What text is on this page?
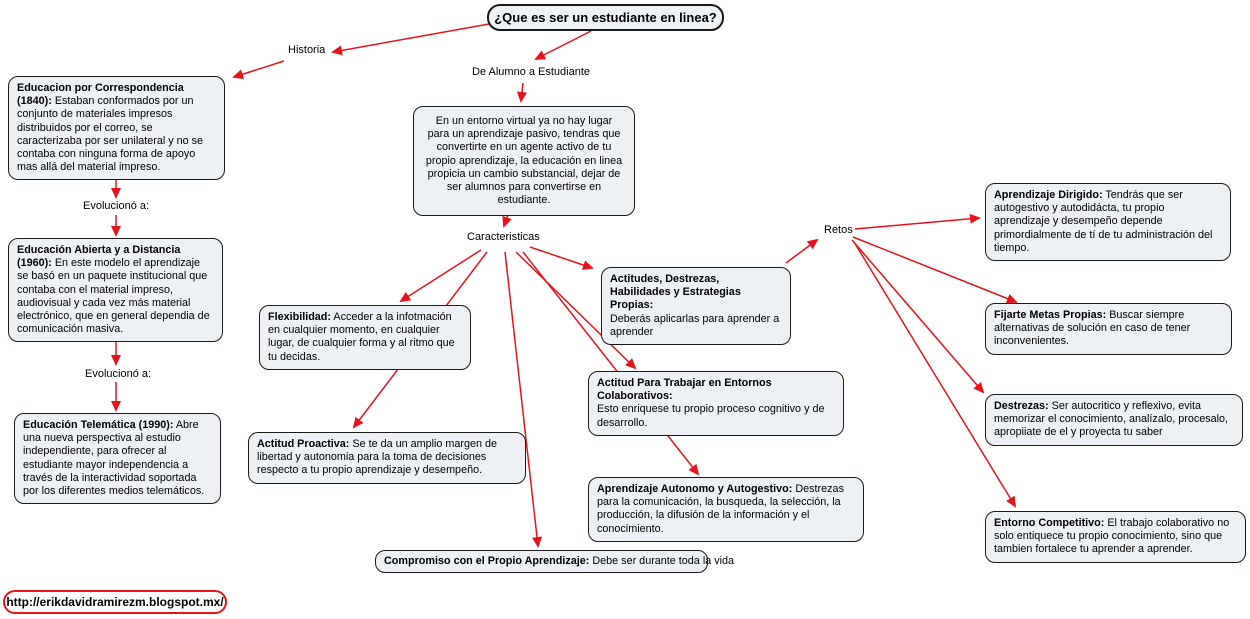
¿Que es ser un estudiante en linea?
Historia
De Alumno a Estudiante
Evolucionó a:
Evolucionó a:
Caracteristicas
Retos
Educacion por Correspondencia (1840): Estaban conformados por un conjunto de materiales impresos distribuidos por el correo, se caracterizaba por ser unilateral y no se contaba con ninguna forma de apoyo mas allá del material impreso.
Educación Abierta y a Distancia (1960): En este modelo el aprendizaje se basó en un paquete institucional que contaba con el material impreso, audiovisual y cada vez más material electrónico, que en general dependia de comunicación masiva.
Educación Telemática (1990): Abre una nueva perspectiva al estudio independiente, para ofrecer al estudiante mayor independencia a través de la interactividad soportada por los diferentes medios telemáticos.
En un entorno virtual ya no hay lugar para un aprendizaje pasivo, tendras que convertirte en un agente activo de tu propio aprendizaje, la educación en linea propicia un cambio substancial, dejar de ser alumnos para convertirse en estudiante.
Flexibilidad: Acceder a la infotmación en cualquier momento, en cualquier lugar, de cualquier forma y al ritmo que tu decidas.
Actitud Proactiva: Se te da un amplio margen de libertad y autonomia para la toma de decisiones respecto a tu propio aprendizaje y desempeño.
Actitudes, Destrezas, Habilidades y Estrategias Propias:
Deberás aplicarlas para aprender a aprender
Actitud Para Trabajar en Entornos Colaborativos:
Esto enriquese tu propio proceso cognitivo y de desarrollo.
Aprendizaje Autonomo y Autogestivo: Destrezas para la comunicación, la busqueda, la selección, la producción, la difusión de la información y el conocimiento.
Compromiso con el Propio Aprendizaje: Debe ser durante toda la vida
Aprendizaje Dirigido: Tendrás que ser autogestivo y autodidácta, tu propio aprendizaje y desempeño depende primordialmente de tí de tu administración del tiempo.
Fijarte Metas Propias: Buscar siempre alternativas de solución en caso de tener inconvenientes.
Destrezas: Ser autocritico y reflexivo, evita memorizar el conocimiento, analízalo, procesalo, apropiiate de el y proyecta tu saber
Entorno Competitivo: El trabajo colaborativo no solo entiquece tu propio conocimiento, sino que tambien fortalece tu aprender a aprender.
http://erikdavidramirezm.blogspot.mx/
